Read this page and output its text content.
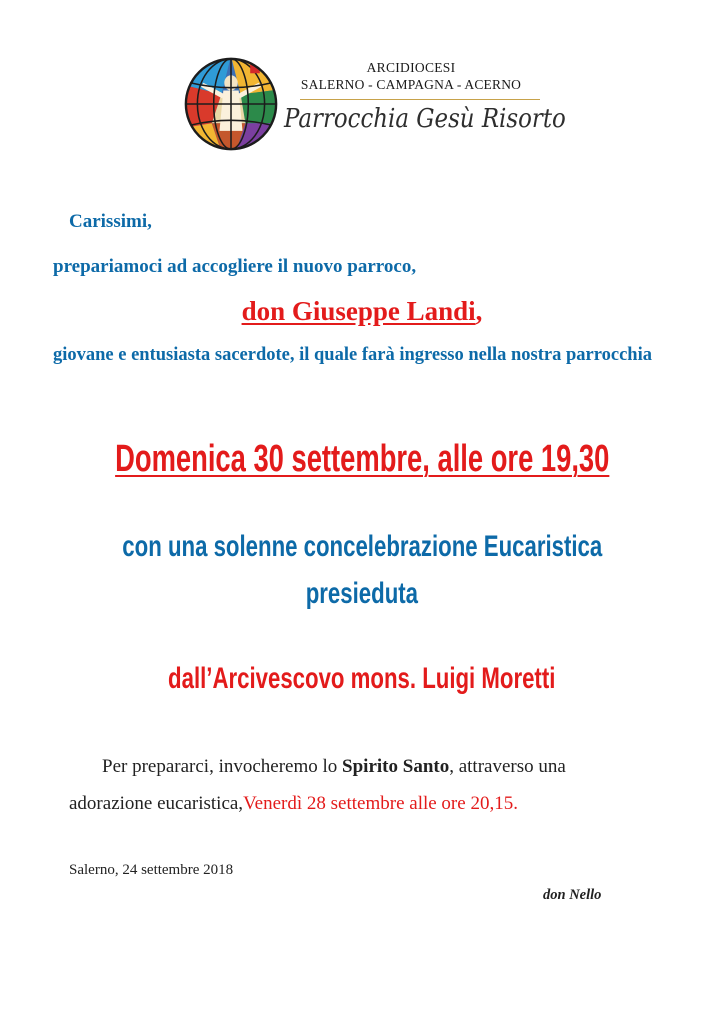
ARCIDIOCESI
SALERNO - CAMPAGNA - ACERNO
Parrocchia Gesù Risorto
Carissimi,
prepariamoci ad accogliere il nuovo parroco,
don Giuseppe Landi,
giovane e entusiasta sacerdote, il quale farà ingresso nella nostra parrocchia
Domenica 30 settembre, alle ore 19,30
con una solenne concelebrazione Eucaristica
presieduta
dall’Arcivescovo mons. Luigi Moretti
Per prepararci, invocheremo lo Spirito Santo, attraverso una
adorazione eucaristica,Venerdì 28 settembre alle ore 20,15.
Salerno, 24 settembre 2018
don Nello
